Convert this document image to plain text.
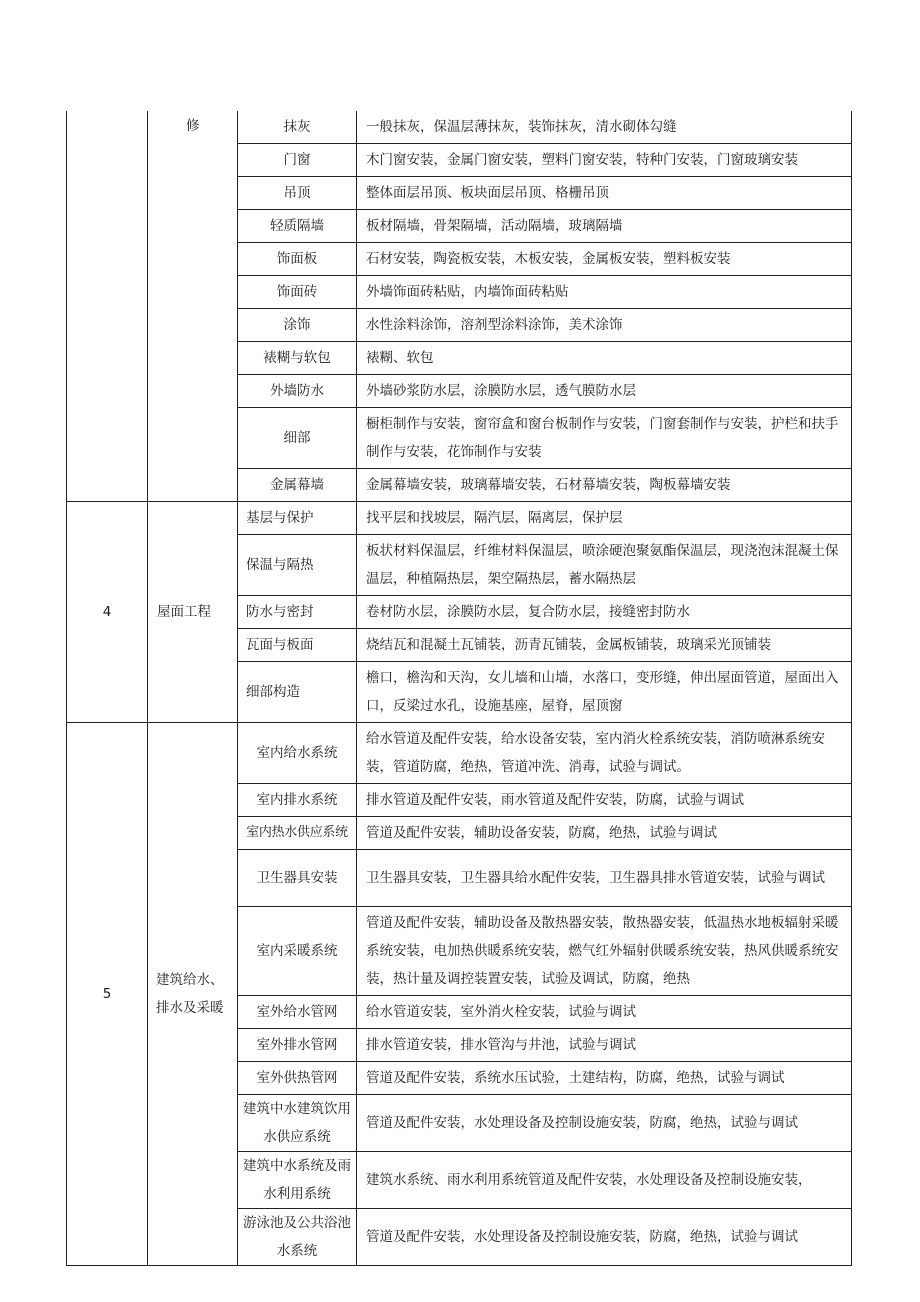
	修	抹灰	一般抹灰，保温层薄抹灰，装饰抹灰，清水砌体勾缝
		门窗	木门窗安装，金属门窗安装，塑料门窗安装，特种门安装，门窗玻璃安装
		吊顶	整体面层吊顶、板块面层吊顶、格栅吊顶
		轻质隔墙	板材隔墙，骨架隔墙，活动隔墙，玻璃隔墙
		饰面板	石材安装，陶瓷板安装，木板安装，金属板安装，塑料板安装
		饰面砖	外墙饰面砖粘贴，内墙饰面砖粘贴
		涂饰	水性涂料涂饰，溶剂型涂料涂饰，美术涂饰
		裱糊与软包	裱糊、软包
		外墙防水	外墙砂浆防水层，涂膜防水层，透气膜防水层
		细部	橱柜制作与安装，窗帘盒和窗台板制作与安装，门窗套制作与安装，护栏和扶手制作与安装，花饰制作与安装
		金属幕墙	金属幕墙安装，玻璃幕墙安装，石材幕墙安装，陶板幕墙安装
4	屋面工程	基层与保护	找平层和找坡层，隔汽层，隔离层，保护层
		保温与隔热	板状材料保温层，纤维材料保温层，喷涂硬泡聚氨酯保温层，现浇泡沫混凝土保温层，种植隔热层，架空隔热层，蓄水隔热层
		防水与密封	卷材防水层，涂膜防水层，复合防水层，接缝密封防水
		瓦面与板面	烧结瓦和混凝土瓦铺装，沥青瓦铺装，金属板铺装，玻璃采光顶铺装
		细部构造	檐口，檐沟和天沟，女儿墙和山墙，水落口，变形缝，伸出屋面管道，屋面出入口，反梁过水孔，设施基座，屋脊，屋顶窗
5	建筑给水、排水及采暖	室内给水系统	给水管道及配件安装，给水设备安装，室内消火栓系统安装，消防喷淋系统安装，管道防腐，绝热，管道冲洗、消毒，试验与调试。
		室内排水系统	排水管道及配件安装，雨水管道及配件安装，防腐，试验与调试
		室内热水供应系统	管道及配件安装，辅助设备安装，防腐，绝热，试验与调试
		卫生器具安装	卫生器具安装，卫生器具给水配件安装，卫生器具排水管道安装，试验与调试
		室内采暖系统	管道及配件安装，辅助设备及散热器安装，散热器安装，低温热水地板辐射采暖系统安装，电加热供暖系统安装，燃气红外辐射供暖系统安装，热风供暖系统安装，热计量及调控装置安装，试验及调试，防腐，绝热
		室外给水管网	给水管道安装，室外消火栓安装，试验与调试
		室外排水管网	排水管道安装，排水管沟与井池，试验与调试
		室外供热管网	管道及配件安装，系统水压试验，土建结构，防腐，绝热，试验与调试
		建筑中水建筑饮用水供应系统	管道及配件安装，水处理设备及控制设施安装，防腐，绝热，试验与调试
		建筑中水系统及雨水利用系统	建筑水系统、雨水利用系统管道及配件安装，水处理设备及控制设施安装，
		游泳池及公共浴池水系统	管道及配件安装，水处理设备及控制设施安装，防腐，绝热，试验与调试
